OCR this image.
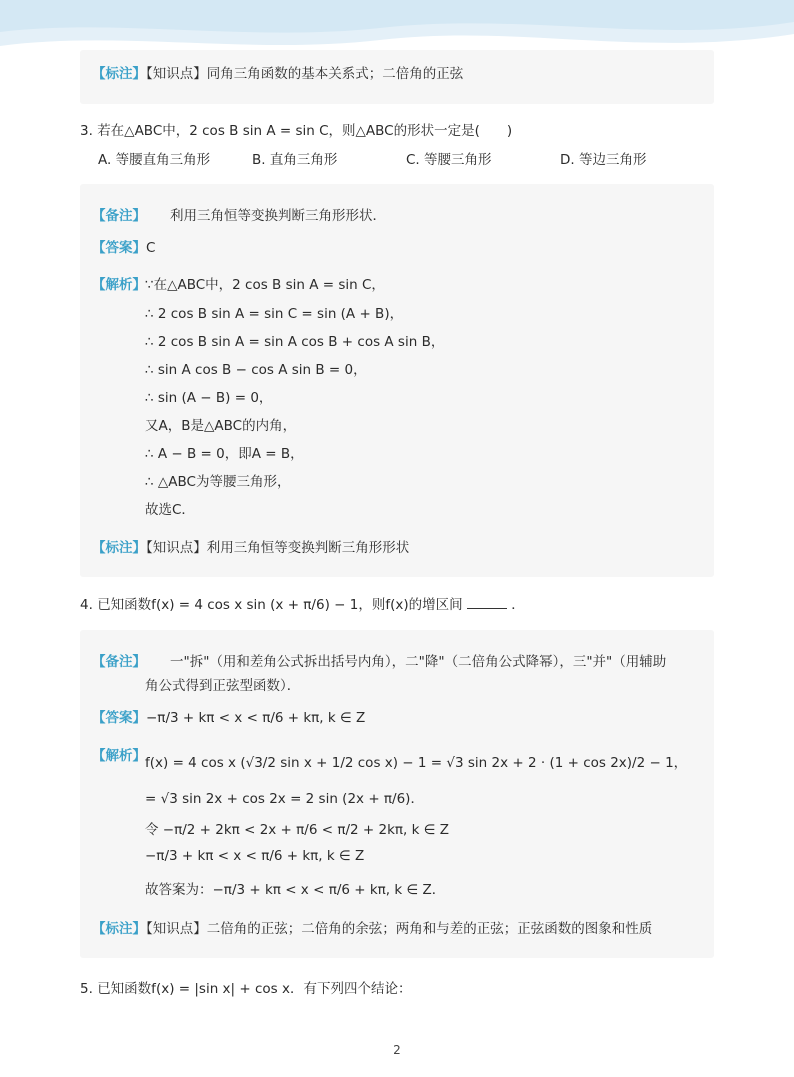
【标注】【知识点】同角三角函数的基本关系式；二倍角的正弦
3. 若在△ABC中，2 cos B sin A = sin C，则△ABC的形状一定是(　　)
A. 等腰直角三角形	B. 直角三角形	C. 等腰三角形	D. 等边三角形
【备注】 利用三角恒等变换判断三角形形状．
【答案】C
【解析】 ∵在△ABC中，2 cos B sin A = sin C，
∴ 2 cos B sin A = sin C = sin (A + B)，
∴ 2 cos B sin A = sin A cos B + cos A sin B，
∴ sin A cos B − cos A sin B = 0，
∴ sin (A − B) = 0，
又A，B是△ABC的内角，
∴ A − B = 0，即A = B，
∴ △ABC为等腰三角形，
故选C．
【标注】【知识点】利用三角恒等变换判断三角形形状
4. 已知函数f(x) = 4 cos x sin (x + π/6) − 1，则f(x)的增区间	．
【备注】 一"拆"（用和差角公式拆出括号内角），二"降"（二倍角公式降幂），三"并"（用辅助
角公式得到正弦型函数）．
【答案】−π/3 + kπ < x < π/6 + kπ, k ∈ Z
【解析】 f(x) = 4 cos x (√3/2 sin x + 1/2 cos x) − 1 = √3 sin 2x + 2 · (1 + cos 2x)/2 − 1，
= √3 sin 2x + cos 2x = 2 sin (2x + π/6)．
令 −π/2 + 2kπ < 2x + π/6 < π/2 + 2kπ, k ∈ Z
−π/3 + kπ < x < π/6 + kπ, k ∈ Z
故答案为：−π/3 + kπ < x < π/6 + kπ, k ∈ Z．
【标注】【知识点】二倍角的正弦；二倍角的余弦；两角和与差的正弦；正弦函数的图象和性质
5. 已知函数f(x) = |sin x| + cos x．有下列四个结论：
2
